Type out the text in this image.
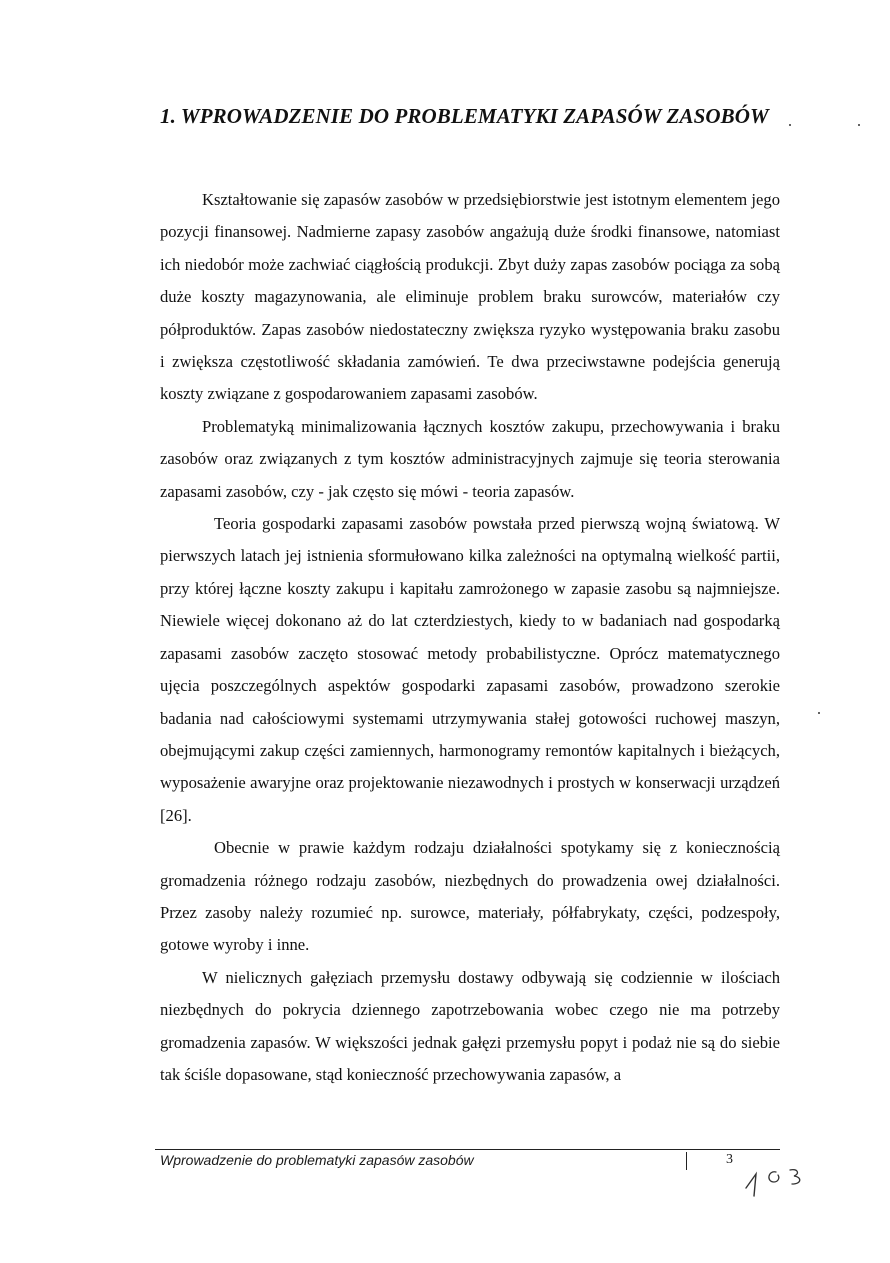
1. WPROWADZENIE DO PROBLEMATYKI ZAPASÓW ZASOBÓW

Kształtowanie się zapasów zasobów w przedsiębiorstwie jest istotnym elementem jego pozycji finansowej. Nadmierne zapasy zasobów angażują duże środki finansowe, natomiast ich niedobór może zachwiać ciągłością produkcji. Zbyt duży zapas zasobów pociąga za sobą duże koszty magazynowania, ale eliminuje problem braku surowców, materiałów czy półproduktów. Zapas zasobów niedostateczny zwiększa ryzyko występowania braku zasobu i zwiększa częstotliwość składania zamówień. Te dwa przeciwstawne podejścia generują koszty związane z gospodarowaniem zapasami zasobów.

Problematyką minimalizowania łącznych kosztów zakupu, przechowywania i braku zasobów oraz związanych z tym kosztów administracyjnych zajmuje się teoria sterowania zapasami zasobów, czy - jak często się mówi - teoria zapasów.

Teoria gospodarki zapasami zasobów powstała przed pierwszą wojną światową. W pierwszych latach jej istnienia sformułowano kilka zależności na optymalną wielkość partii, przy której łączne koszty zakupu i kapitału zamrożonego w zapasie zasobu są najmniejsze. Niewiele więcej dokonano aż do lat czterdziestych, kiedy to w badaniach nad gospodarką zapasami zasobów zaczęto stosować metody probabilistyczne. Oprócz matematycznego ujęcia poszczególnych aspektów gospodarki zapasami zasobów, prowadzono szerokie badania nad całościowymi systemami utrzymywania stałej gotowości ruchowej maszyn, obejmującymi zakup części zamiennych, harmonogramy remontów kapitalnych i bieżących, wyposażenie awaryjne oraz projektowanie niezawodnych i prostych w konserwacji urządzeń [26].

Obecnie w prawie każdym rodzaju działalności spotykamy się z koniecznością gromadzenia różnego rodzaju zasobów, niezbędnych do prowadzenia owej działalności. Przez zasoby należy rozumieć np. surowce, materiały, półfabrykaty, części, podzespoły, gotowe wyroby i inne.

W nielicznych gałęziach przemysłu dostawy odbywają się codziennie w ilościach niezbędnych do pokrycia dziennego zapotrzebowania wobec czego nie ma potrzeby gromadzenia zapasów. W większości jednak gałęzi przemysłu popyt i podaż nie są do siebie tak ściśle dopasowane, stąd konieczność przechowywania zapasów, a

Wprowadzenie do problematyki zapasów zasobów	3
